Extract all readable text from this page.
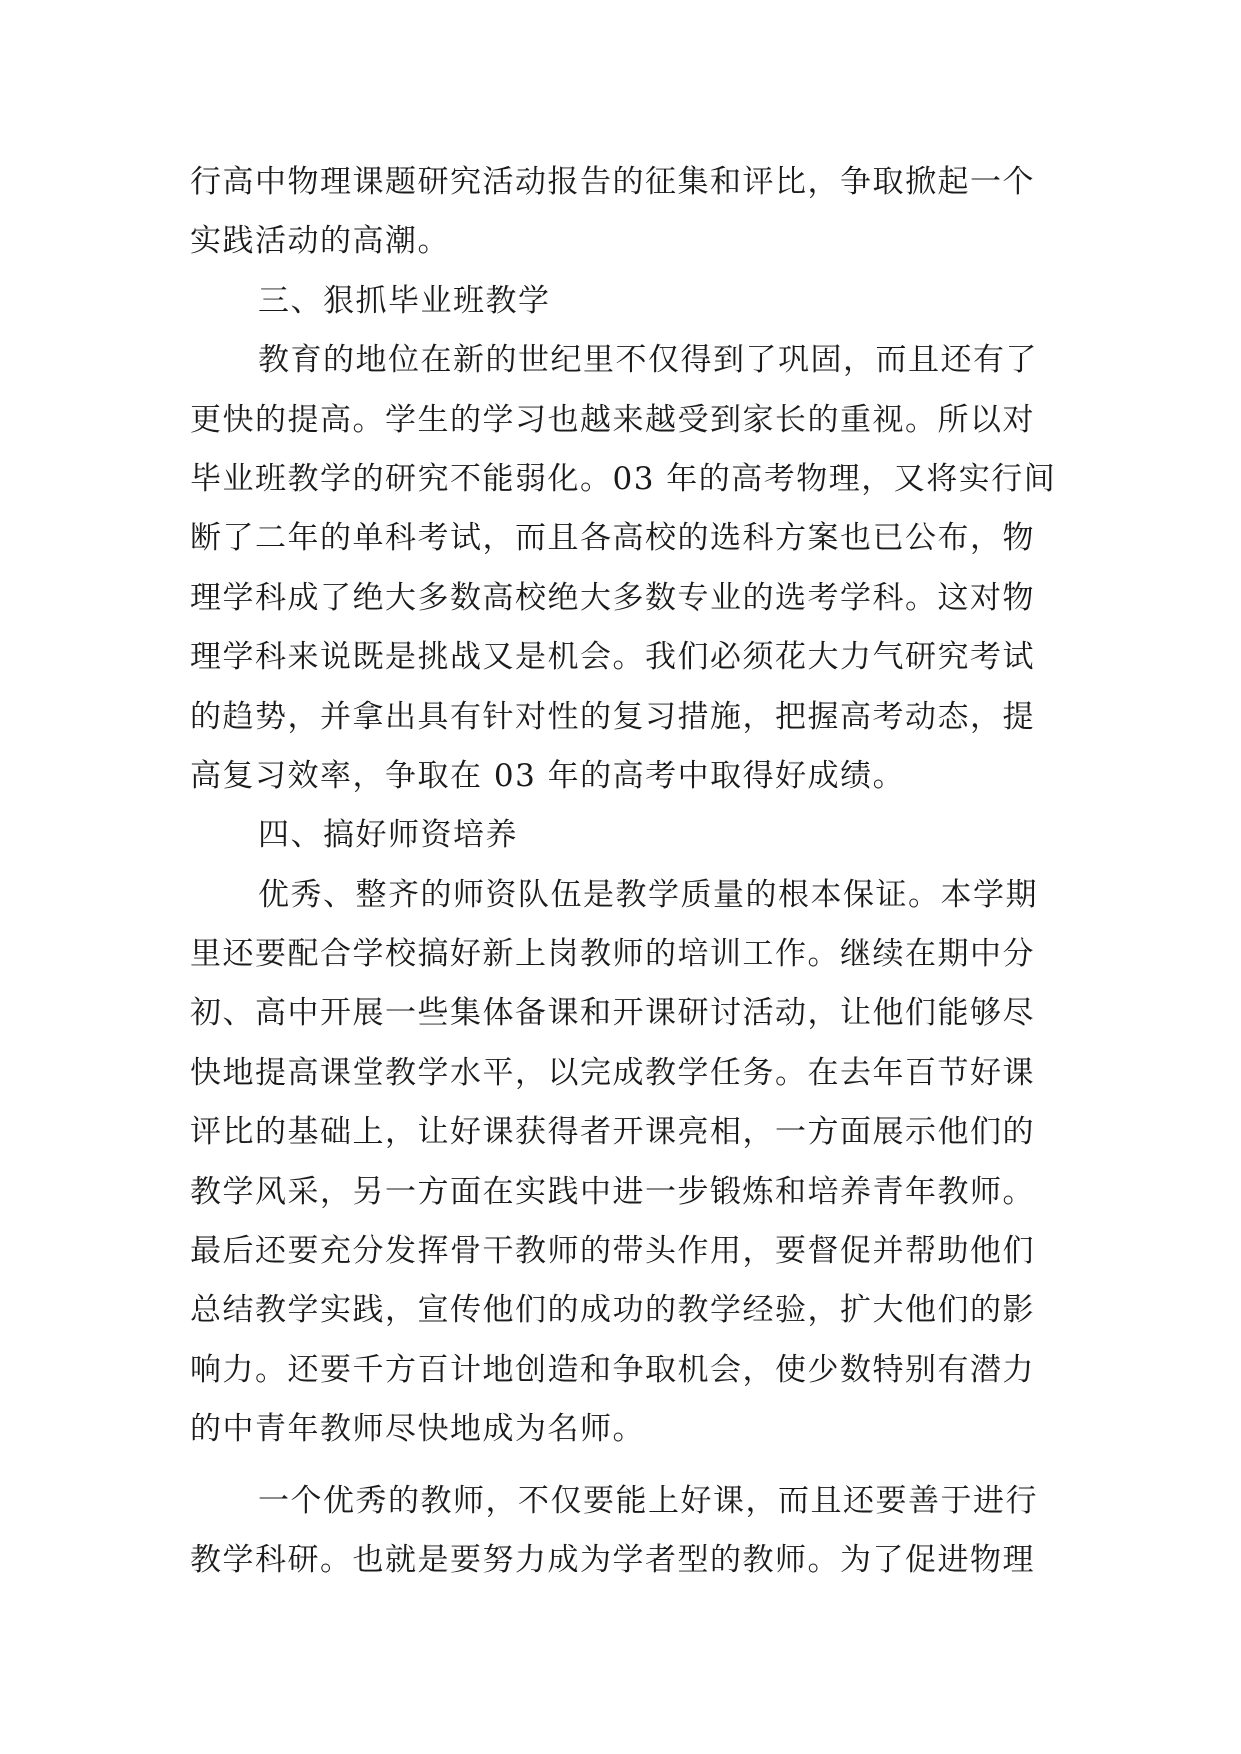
行高中物理课题研究活动报告的征集和评比，争取掀起一个
实践活动的高潮。
三、狠抓毕业班教学
教育的地位在新的世纪里不仅得到了巩固，而且还有了
更快的提高。学生的学习也越来越受到家长的重视。所以对
毕业班教学的研究不能弱化。03 年的高考物理，又将实行间
断了二年的单科考试，而且各高校的选科方案也已公布，物
理学科成了绝大多数高校绝大多数专业的选考学科。这对物
理学科来说既是挑战又是机会。我们必须花大力气研究考试
的趋势，并拿出具有针对性的复习措施，把握高考动态，提
高复习效率，争取在 03 年的高考中取得好成绩。
四、搞好师资培养
优秀、整齐的师资队伍是教学质量的根本保证。本学期
里还要配合学校搞好新上岗教师的培训工作。继续在期中分
初、高中开展一些集体备课和开课研讨活动，让他们能够尽
快地提高课堂教学水平，以完成教学任务。在去年百节好课
评比的基础上，让好课获得者开课亮相，一方面展示他们的
教学风采，另一方面在实践中进一步锻炼和培养青年教师。
最后还要充分发挥骨干教师的带头作用，要督促并帮助他们
总结教学实践，宣传他们的成功的教学经验，扩大他们的影
响力。还要千方百计地创造和争取机会，使少数特别有潜力
的中青年教师尽快地成为名师。
一个优秀的教师，不仅要能上好课，而且还要善于进行
教学科研。也就是要努力成为学者型的教师。为了促进物理
